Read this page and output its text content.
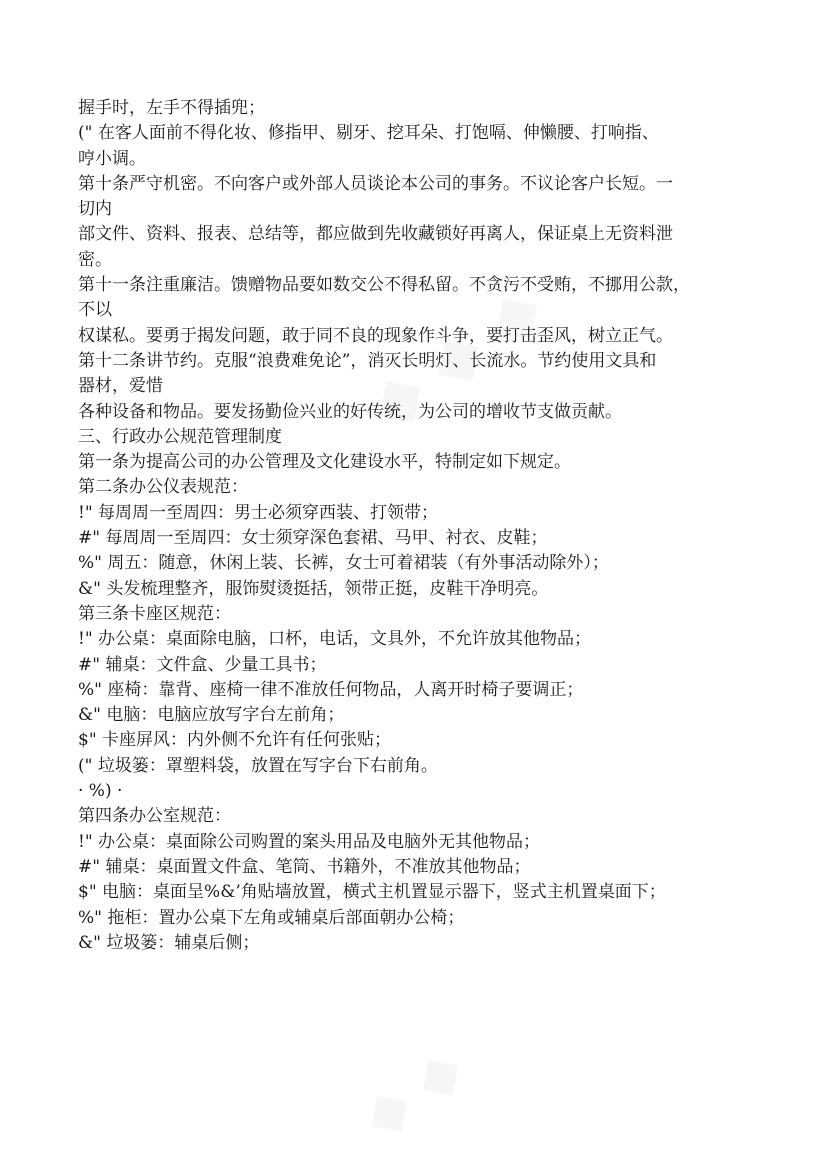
握手时，左手不得插兜；
(" 在客人面前不得化妆、修指甲、剔牙、挖耳朵、打饱嗝、伸懒腰、打响指、
哼小调。
第十条严守机密。不向客户或外部人员谈论本公司的事务。不议论客户长短。一
切内
部文件、资料、报表、总结等，都应做到先收藏锁好再离人，保证桌上无资料泄
密。
第十一条注重廉洁。馈赠物品要如数交公不得私留。不贪污不受贿，不挪用公款，
不以
权谋私。要勇于揭发问题，敢于同不良的现象作斗争，要打击歪风，树立正气。
第十二条讲节约。克服“浪费难免论”，消灭长明灯、长流水。节约使用文具和
器材，爱惜
各种设备和物品。要发扬勤俭兴业的好传统，为公司的增收节支做贡献。
三、行政办公规范管理制度
第一条为提高公司的办公管理及文化建设水平，特制定如下规定。
第二条办公仪表规范：
!" 每周周一至周四：男士必须穿西装、打领带；
#" 每周周一至周四：女士须穿深色套裙、马甲、衬衣、皮鞋；
%" 周五：随意，休闲上装、长裤，女士可着裙装（有外事活动除外）；
&" 头发梳理整齐，服饰熨烫挺括，领带正挺，皮鞋干净明亮。
第三条卡座区规范：
!" 办公桌：桌面除电脑，口杯，电话，文具外，不允许放其他物品；
#" 辅桌：文件盒、少量工具书；
%" 座椅：靠背、座椅一律不准放任何物品，人离开时椅子要调正；
&" 电脑：电脑应放写字台左前角；
$" 卡座屏风：内外侧不允许有任何张贴；
(" 垃圾篓：罩塑料袋，放置在写字台下右前角。
· %) ·
第四条办公室规范：
!" 办公桌：桌面除公司购置的案头用品及电脑外无其他物品；
#" 辅桌：桌面置文件盒、笔筒、书籍外，不准放其他物品；
$" 电脑：桌面呈%&’角贴墙放置，横式主机置显示器下，竖式主机置桌面下；
%" 拖柜：置办公桌下左角或辅桌后部面朝办公椅；
&" 垃圾篓：辅桌后侧；
